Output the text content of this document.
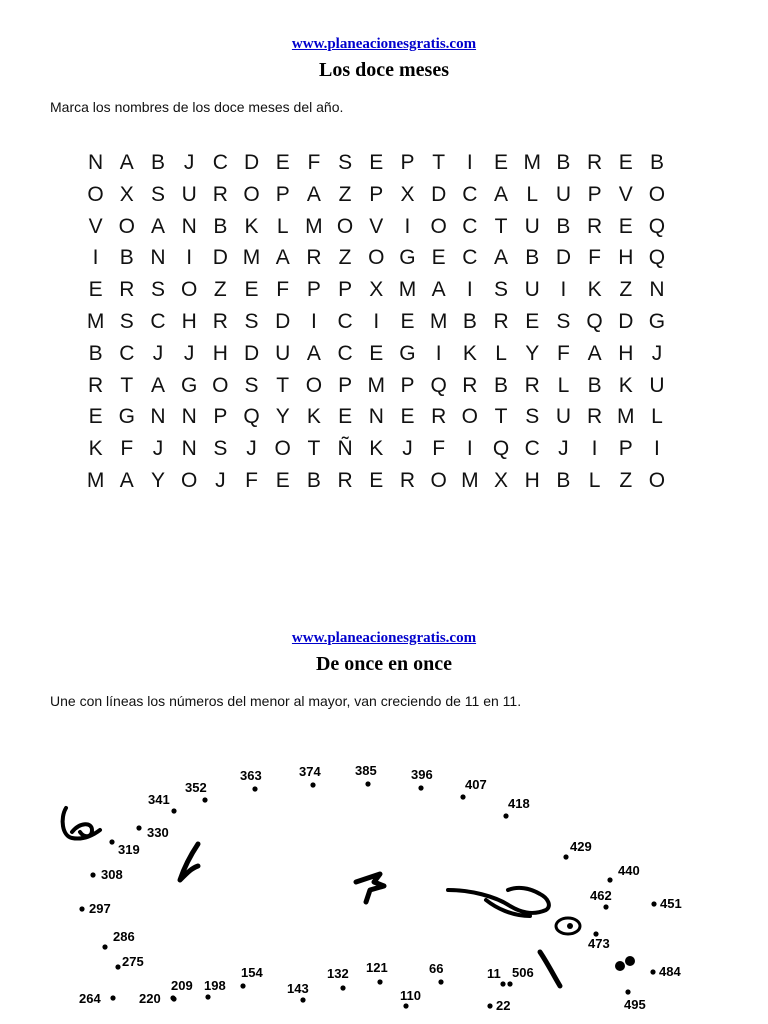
www.planeacionesgratis.com
Los doce meses
Marca los nombres de los doce meses del año.
N A B J C D E F S E P T	I	E M B R E B
O X S U R O P A Z P X D C A L U P V O
V O A N B K L M O V	I O C T U B R E Q
I	B N I D M A R Z O G E C A B D F H Q
E R S O Z E F P P X M A	I	S U I	K Z N
M S C H R S D I C I	E M B R E S Q D G
B C J J H D U A C E G I	K L Y F A H J
R T A G O S T O P M P Q R B R L B K U
E G N N P Q Y K E N E R O T S U R M L
K F J N S J O T Ñ K J F	I Q C J	I	P	I
M A Y O J F E B R E R O M X H B L Z O
www.planeacionesgratis.com
De once en once
Une con líneas los números del menor al mayor, van creciendo de 11 en 11.
264
275
286
297
308
319
330
341
352
363	374	385	396
407
418
429
440
451
462
473
484
495
506
11
22
66
110
121
132
143
154
198
209
220
